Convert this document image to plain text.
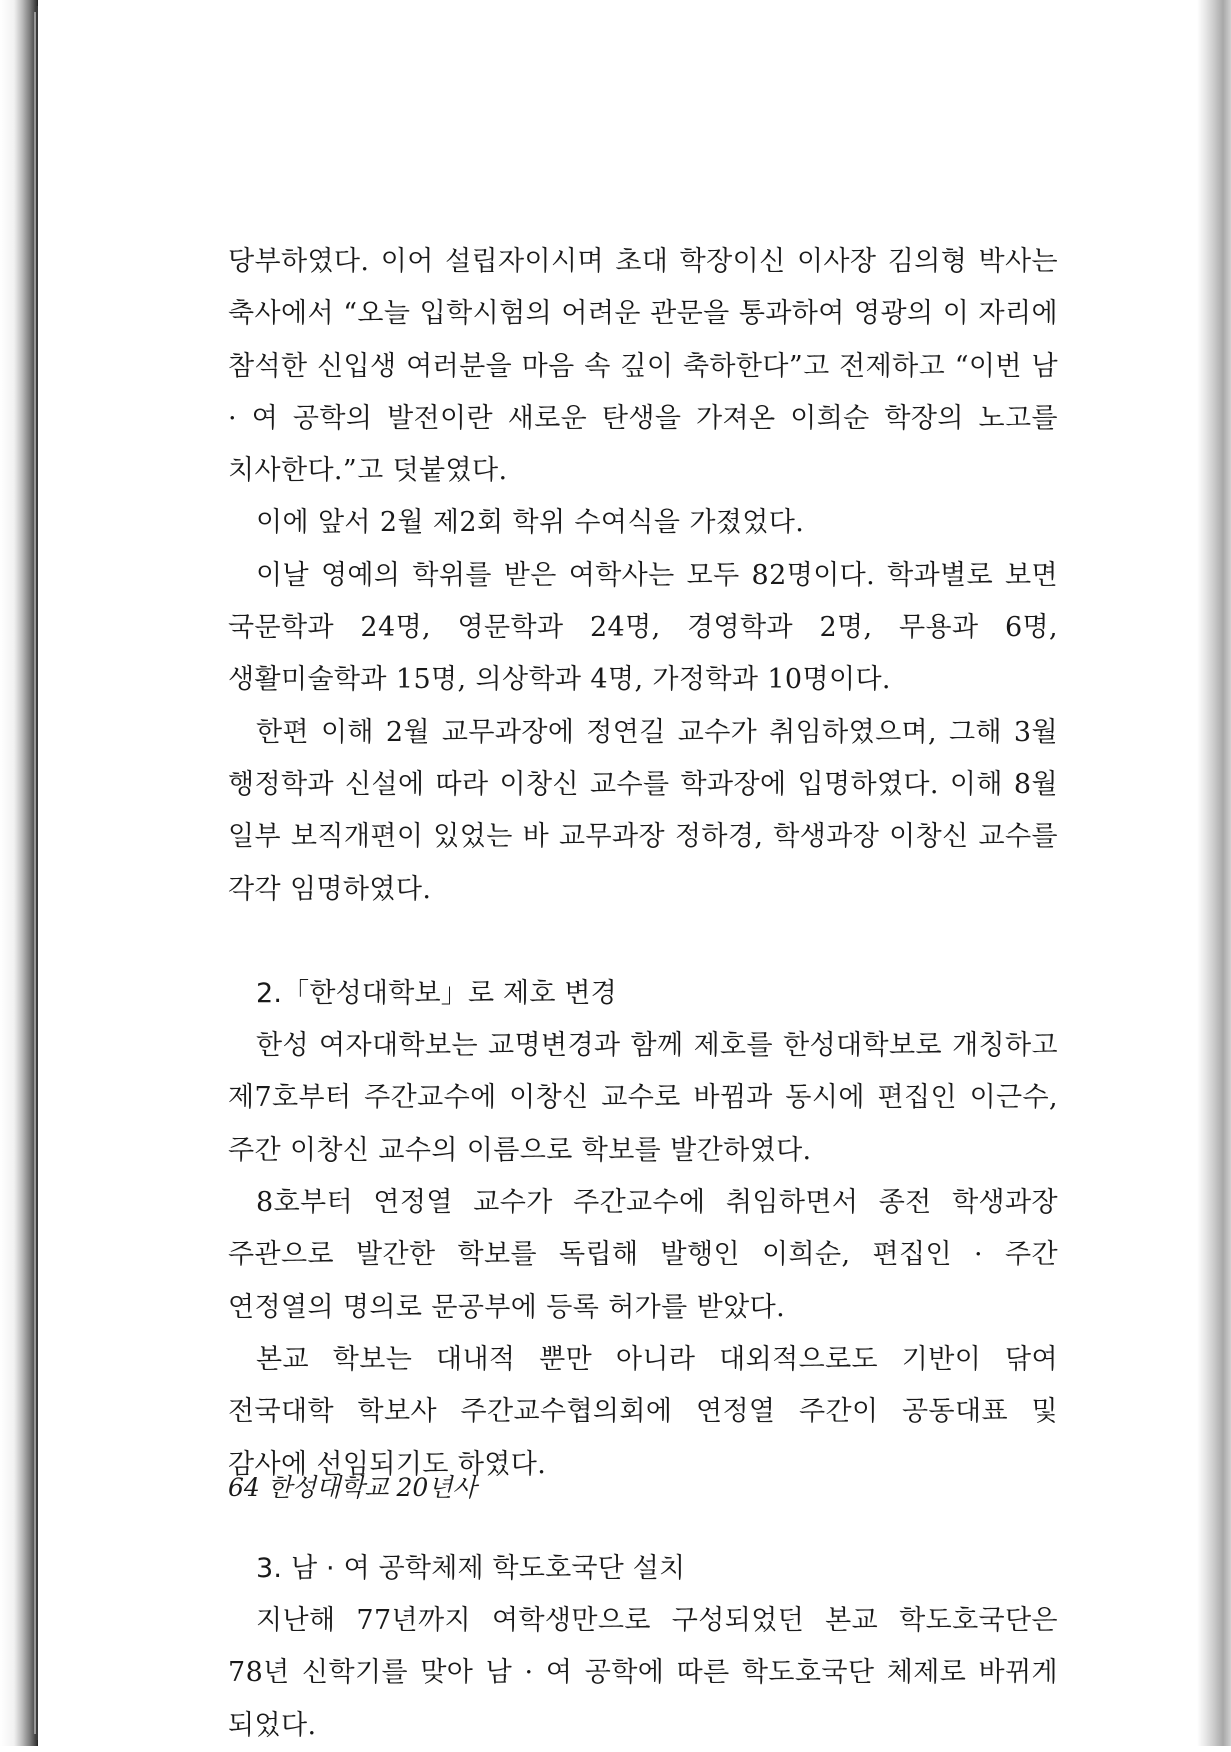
당부하였다. 이어 설립자이시며 초대 학장이신 이사장 김의형 박사는 축사에서 “오늘 입학시험의 어려운 관문을 통과하여 영광의 이 자리에 참석한 신입생 여러분을 마음 속 깊이 축하한다”고 전제하고 “이번 남 · 여 공학의 발전이란 새로운 탄생을 가져온 이희순 학장의 노고를 치사한다.”고 덧붙였다.

이에 앞서 2월 제2회 학위 수여식을 가졌었다.

이날 영예의 학위를 받은 여학사는 모두 82명이다. 학과별로 보면 국문학과 24명, 영문학과 24명, 경영학과 2명, 무용과 6명, 생활미술학과 15명, 의상학과 4명, 가정학과 10명이다.

한편 이해 2월 교무과장에 정연길 교수가 취임하였으며, 그해 3월 행정학과 신설에 따라 이창신 교수를 학과장에 입명하였다. 이해 8월 일부 보직개편이 있었는 바 교무과장 정하경, 학생과장 이창신 교수를 각각 임명하였다.

2.「한성대학보」로 제호 변경

한성 여자대학보는 교명변경과 함께 제호를 한성대학보로 개칭하고 제7호부터 주간교수에 이창신 교수로 바뀜과 동시에 편집인 이근수, 주간 이창신 교수의 이름으로 학보를 발간하였다.

8호부터 연정열 교수가 주간교수에 취임하면서 종전 학생과장 주관으로 발간한 학보를 독립해 발행인 이희순, 편집인 · 주간 연정열의 명의로 문공부에 등록 허가를 받았다.

본교 학보는 대내적 뿐만 아니라 대외적으로도 기반이 닦여 전국대학 학보사 주간교수협의회에 연정열 주간이 공동대표 및 감사에 선임되기도 하였다.

3. 남 · 여 공학체제 학도호국단 설치

지난해 77년까지 여학생만으로 구성되었던 본교 학도호국단은 78년 신학기를 맞아 남 · 여 공학에 따른 학도호국단 체제로 바뀌게 되었다.

64 한성대학교 20년사
